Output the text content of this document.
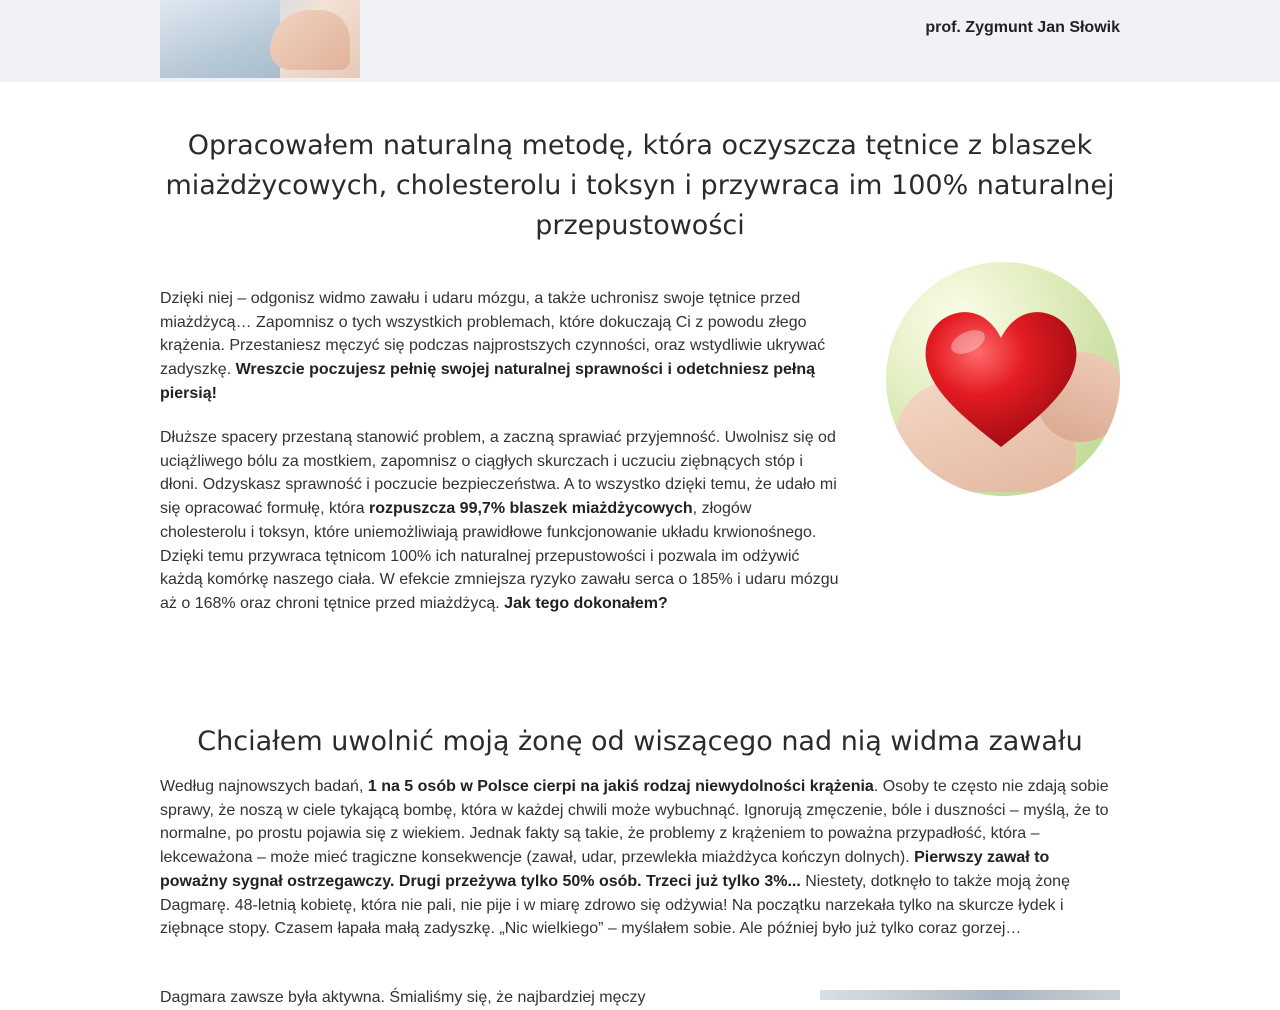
prof. Zygmunt Jan Słowik
Opracowałem naturalną metodę, która oczyszcza tętnice z blaszek miażdżycowych, cholesterolu i toksyn i przywraca im 100% naturalnej przepustowości

Dzięki niej – odgonisz widmo zawału i udaru mózgu, a także uchronisz swoje tętnice przed miażdżycą… Zapomnisz o tych wszystkich problemach, które dokuczają Ci z powodu złego krążenia. Przestaniesz męczyć się podczas najprostszych czynności, oraz wstydliwie ukrywać zadyszkę. Wreszcie poczujesz pełnię swojej naturalnej sprawności i odetchniesz pełną piersią!

Dłuższe spacery przestaną stanowić problem, a zaczną sprawiać przyjemność. Uwolnisz się od uciążliwego bólu za mostkiem, zapomnisz o ciągłych skurczach i uczuciu ziębnących stóp i dłoni. Odzyskasz sprawność i poczucie bezpieczeństwa. A to wszystko dzięki temu, że udało mi się opracować formułę, która rozpuszcza 99,7% blaszek miażdżycowych, złogów cholesterolu i toksyn, które uniemożliwiają prawidłowe funkcjonowanie układu krwionośnego. Dzięki temu przywraca tętnicom 100% ich naturalnej przepustowości i pozwala im odżywić każdą komórkę naszego ciała. W efekcie zmniejsza ryzyko zawału serca o 185% i udaru mózgu aż o 168% oraz chroni tętnice przed miażdżycą. Jak tego dokonałem?

Chciałem uwolnić moją żonę od wiszącego nad nią widma zawału

Według najnowszych badań, 1 na 5 osób w Polsce cierpi na jakiś rodzaj niewydolności krążenia. Osoby te często nie zdają sobie sprawy, że noszą w ciele tykającą bombę, która w każdej chwili może wybuchnąć. Ignorują zmęczenie, bóle i duszności – myślą, że to normalne, po prostu pojawia się z wiekiem. Jednak fakty są takie, że problemy z krążeniem to poważna przypadłość, która – lekceważona – może mieć tragiczne konsekwencje (zawał, udar, przewlekła miażdżyca kończyn dolnych). Pierwszy zawał to poważny sygnał ostrzegawczy. Drugi przeżywa tylko 50% osób. Trzeci już tylko 3%... Niestety, dotknęło to także moją żonę Dagmarę. 48-letnią kobietę, która nie pali, nie pije i w miarę zdrowo się odżywia! Na początku narzekała tylko na skurcze łydek i ziębnące stopy. Czasem łapała małą zadyszkę. „Nic wielkiego” – myślałem sobie. Ale później było już tylko coraz gorzej…

Dagmara zawsze była aktywna. Śmialiśmy się, że najbardziej męczy
